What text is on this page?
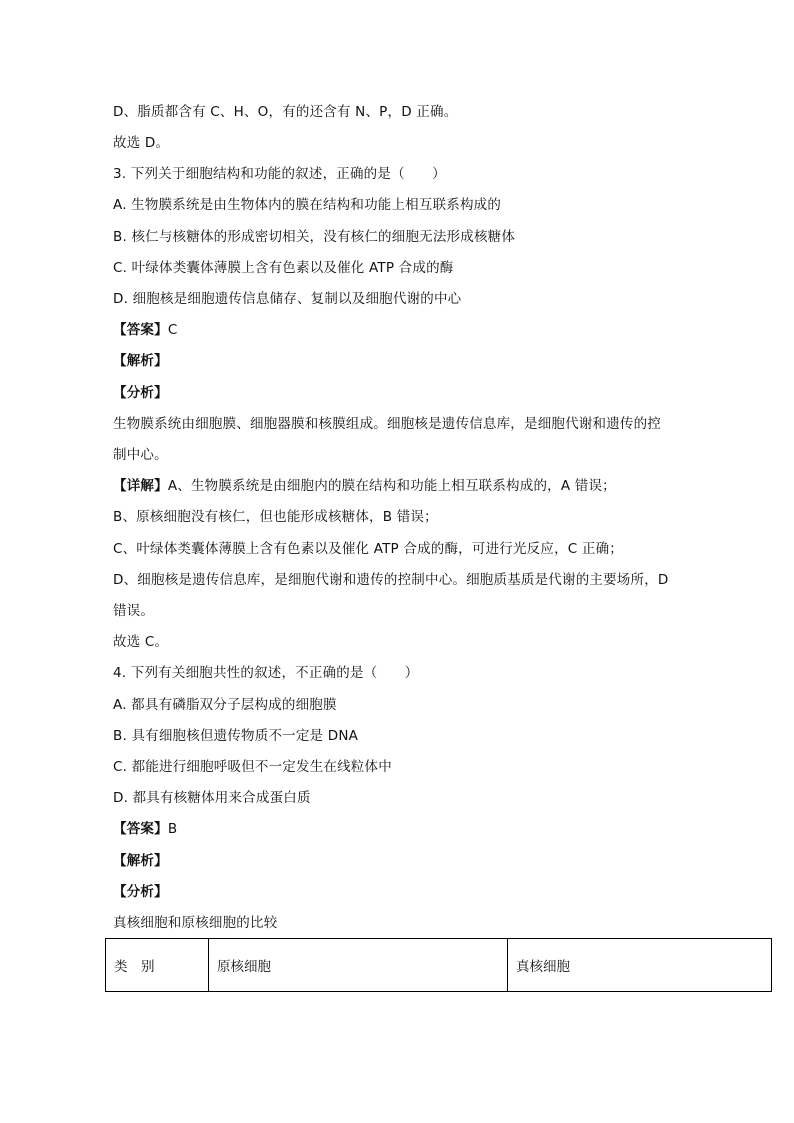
D、脂质都含有 C、H、O，有的还含有 N、P，D 正确。
故选 D。
3. 下列关于细胞结构和功能的叙述，正确的是（　　）
A. 生物膜系统是由生物体内的膜在结构和功能上相互联系构成的
B. 核仁与核糖体的形成密切相关，没有核仁的细胞无法形成核糖体
C. 叶绿体类囊体薄膜上含有色素以及催化 ATP 合成的酶
D. 细胞核是细胞遗传信息储存、复制以及细胞代谢的中心
【答案】C
【解析】
【分析】
生物膜系统由细胞膜、细胞器膜和核膜组成。细胞核是遗传信息库，是细胞代谢和遗传的控
制中心。
【详解】A、生物膜系统是由细胞内的膜在结构和功能上相互联系构成的，A 错误；
B、原核细胞没有核仁，但也能形成核糖体，B 错误；
C、叶绿体类囊体薄膜上含有色素以及催化 ATP 合成的酶，可进行光反应，C 正确；
D、细胞核是遗传信息库，是细胞代谢和遗传的控制中心。细胞质基质是代谢的主要场所，D
错误。
故选 C。
4. 下列有关细胞共性的叙述，不正确的是（　　）
A. 都具有磷脂双分子层构成的细胞膜
B. 具有细胞核但遗传物质不一定是 DNA
C. 都能进行细胞呼吸但不一定发生在线粒体中
D. 都具有核糖体用来合成蛋白质
【答案】B
【解析】
【分析】
真核细胞和原核细胞的比较
类　别	原核细胞	真核细胞
